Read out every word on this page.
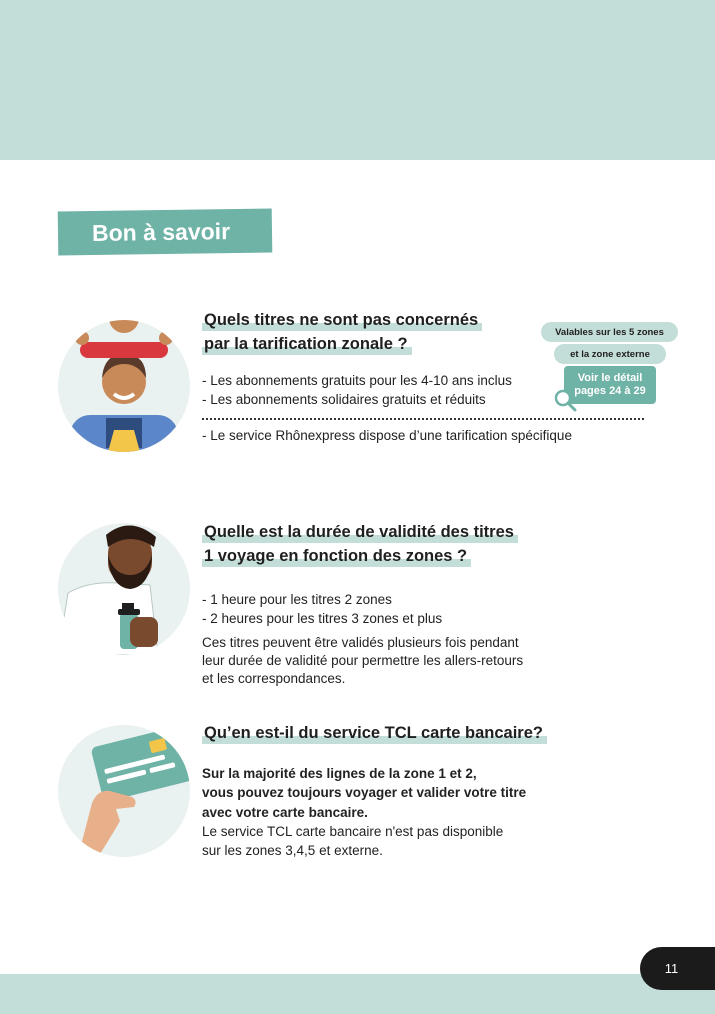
Bon à savoir
Quels titres ne sont pas concernés
par la tarification zonale ?
Valables sur les 5 zones
et la zone externe
Voir le détail
pages 24 à 29
- Les abonnements gratuits pour les 4-10 ans inclus
- Les abonnements solidaires gratuits et réduits
- Le service Rhônexpress dispose d’une tarification spécifique
Quelle est la durée de validité des titres
1 voyage en fonction des zones ?
- 1 heure pour les titres 2 zones
- 2 heures pour les titres 3 zones et plus
Ces titres peuvent être validés plusieurs fois pendant
leur durée de validité pour permettre les allers-retours
et les correspondances.
Qu’en est-il du service TCL carte bancaire?
Sur la majorité des lignes de la zone 1 et 2,
vous pouvez toujours voyager et valider votre titre
avec votre carte bancaire.
Le service TCL carte bancaire n'est pas disponible
sur les zones 3,4,5 et externe.
11
